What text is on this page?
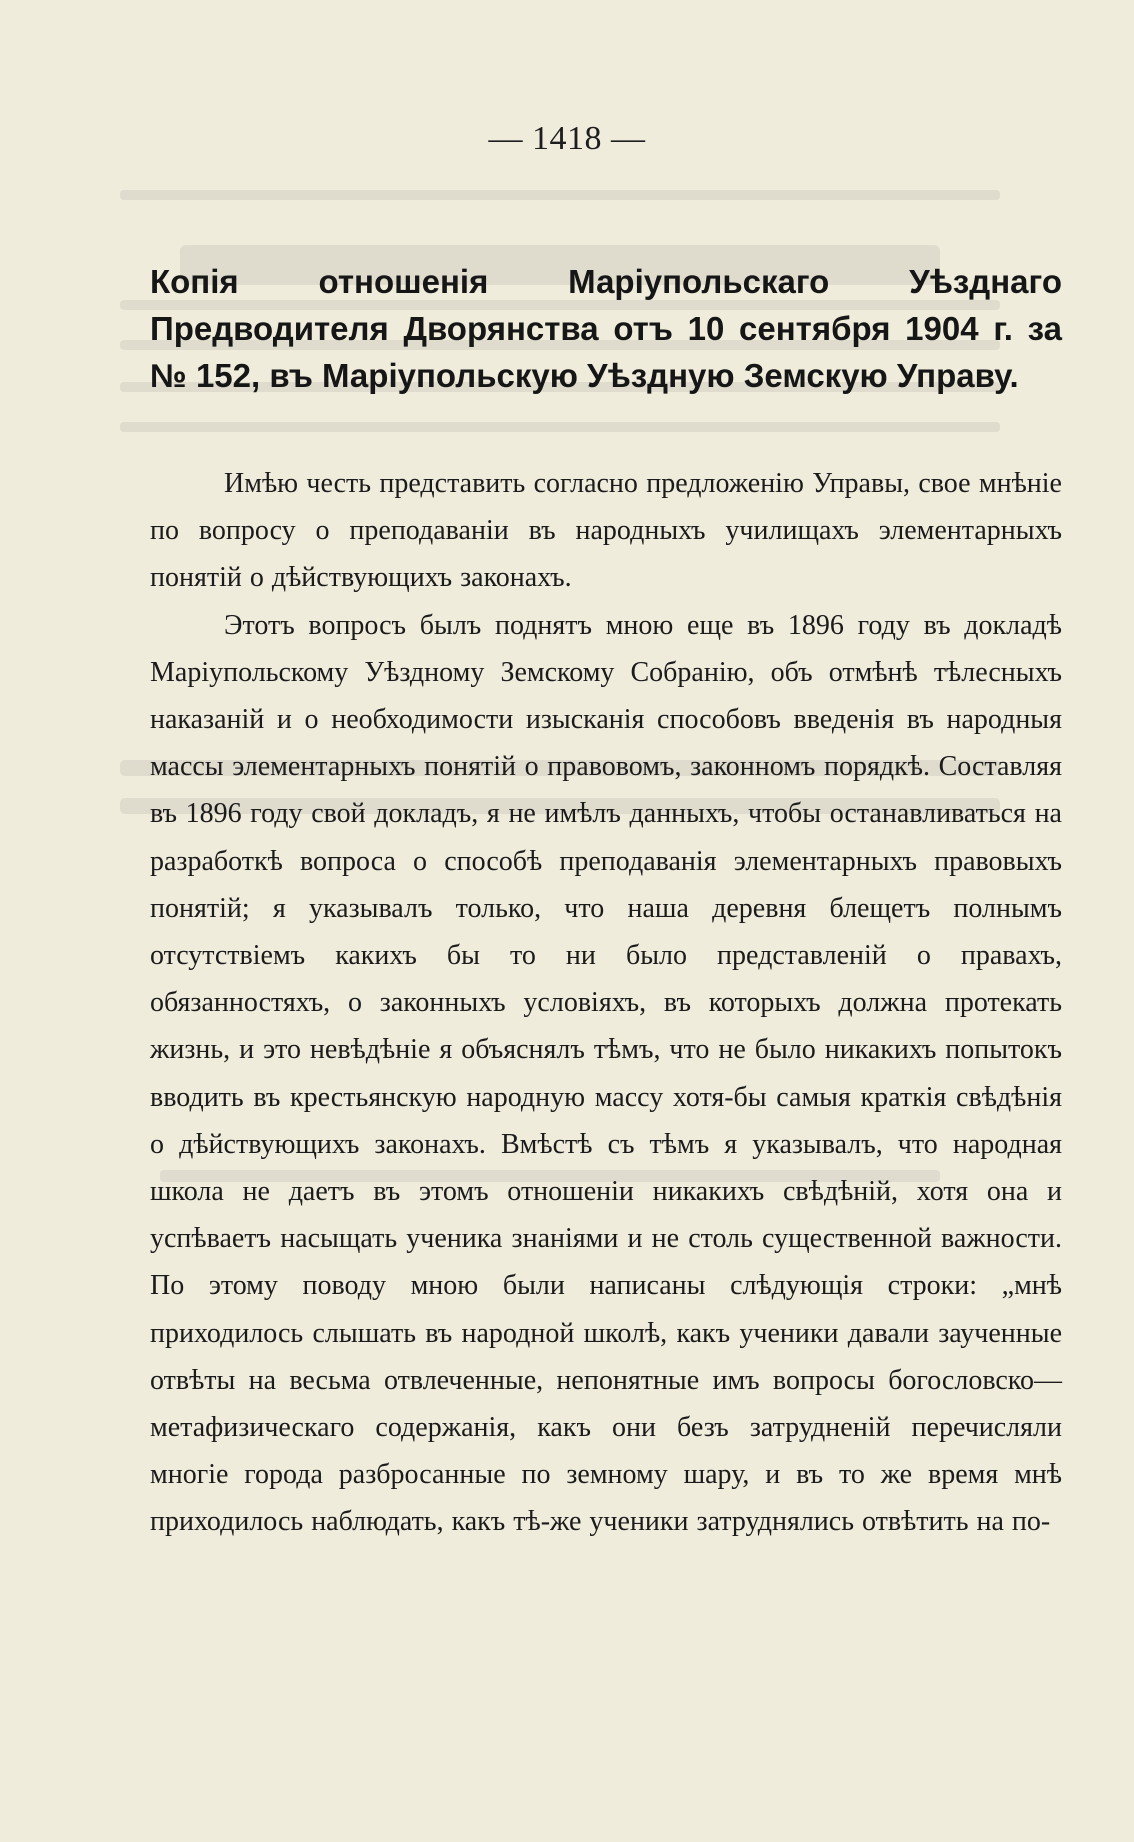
— 1418 —
Копія отношенія Маріупольскаго Уѣзднаго Предводителя Дворянства отъ 10 сентября 1904 г. за № 152, въ Маріупольскую Уѣздную Земскую Управу.

Имѣю честь представить согласно предложенію Управы, свое мнѣніе по вопросу о преподаваніи въ народныхъ училищахъ элементарныхъ понятій о дѣйствующихъ законахъ.

Этотъ вопросъ былъ поднятъ мною еще въ 1896 году въ докладѣ Маріупольскому Уѣздному Земскому Собранію, объ отмѣнѣ тѣлесныхъ наказаній и о необходимости изысканія способовъ введенія въ народныя массы элементарныхъ понятій о правовомъ, законномъ порядкѣ. Составляя въ 1896 году свой докладъ, я не имѣлъ данныхъ, чтобы останавливаться на разработкѣ вопроса о способѣ преподаванія элементарныхъ правовыхъ понятій; я указывалъ только, что наша деревня блещетъ полнымъ отсутствіемъ какихъ бы то ни было представленій о правахъ, обязанностяхъ, о законныхъ условіяхъ, въ которыхъ должна протекать жизнь, и это невѣдѣніе я объяснялъ тѣмъ, что не было никакихъ попытокъ вводить въ крестьянскую народную массу хотя-бы самыя краткія свѣдѣнія о дѣйствующихъ законахъ. Вмѣстѣ съ тѣмъ я указывалъ, что народная школа не даетъ въ этомъ отношеніи никакихъ свѣдѣній, хотя она и успѣваетъ насыщать ученика знаніями и не столь существенной важности. По этому поводу мною были написаны слѣдующія строки: „мнѣ приходилось слышать въ народной школѣ, какъ ученики давали заученные отвѣты на весьма отвлеченные, непонятные имъ вопросы богословско—метафизическаго содержанія, какъ они безъ затрудненій перечисляли многіе города разбросанные по земному шару, и въ то же время мнѣ приходилось наблюдать, какъ тѣ-же ученики затруднялись отвѣтить на по-
